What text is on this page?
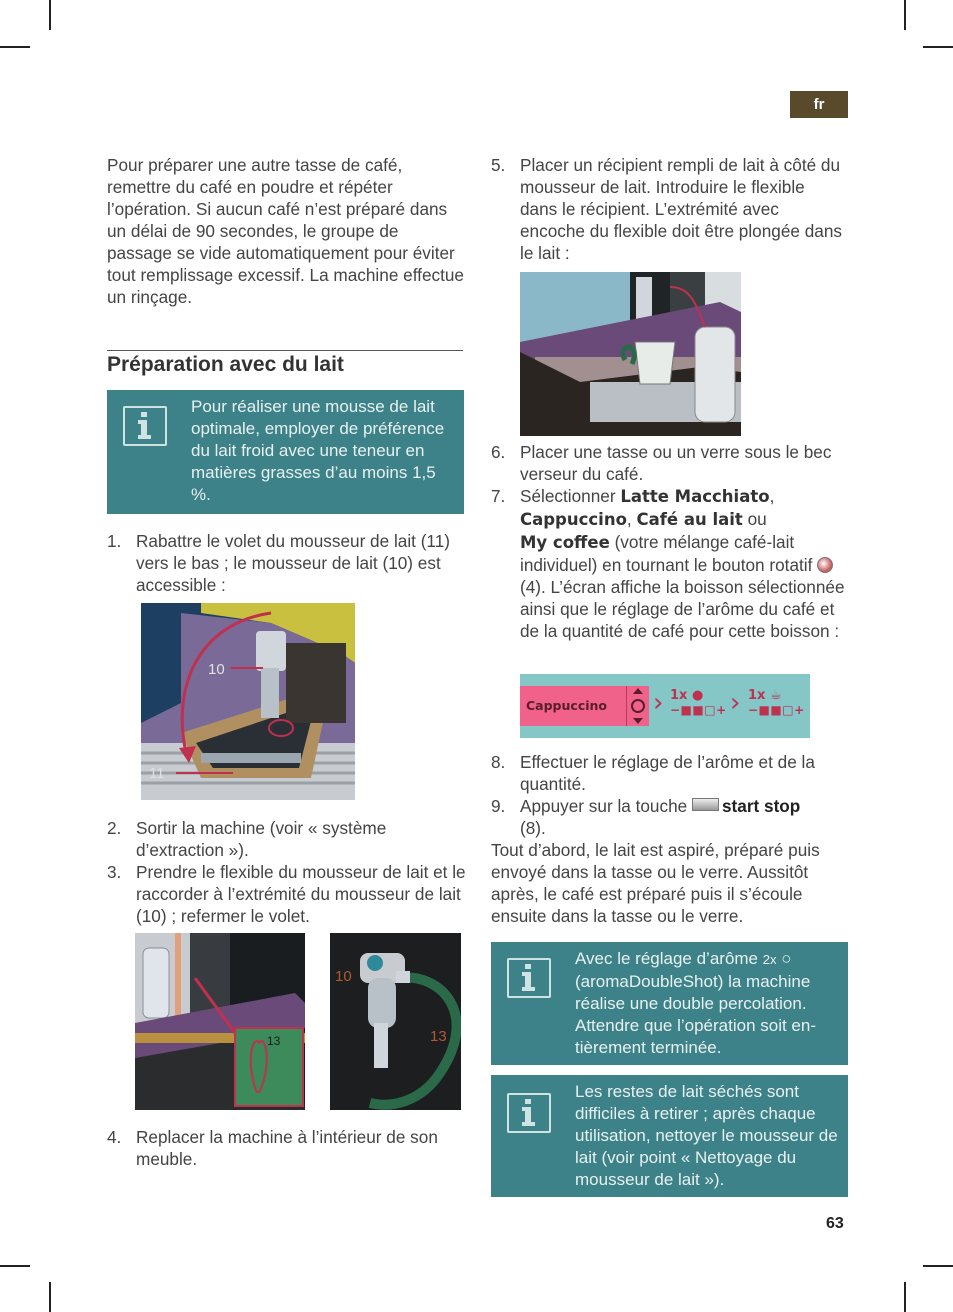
fr

Pour préparer une autre tasse de café, remettre du café en poudre et répéter l’opération. Si aucun café n’est préparé dans un délai de 90 secondes, le groupe de passage se vide automatiquement pour éviter tout remplissage excessif. La machine effectue un rinçage.

Préparation avec du lait
Pour réaliser une mousse de lait optimale, employer de préférence du lait froid avec une teneur en matières grasses d’au moins 1,5 %.
1. Rabattre le volet du mousseur de lait (11) vers le bas ; le mousseur de lait (10) est accessible :
10
11
2. Sortir la machine (voir « système d’extraction »).
3. Prendre le flexible du mousseur de lait et le raccorder à l’extrémité du mousseur de lait (10) ; refermer le volet.
13
10
13
4. Replacer la machine à l’intérieur de son meuble.
5. Placer un récipient rempli de lait à côté du mousseur de lait. Introduire le flexible dans le récipient. L’extrémité avec encoche du flexible doit être plongée dans le lait :
6. Placer une tasse ou un verre sous le bec verseur du café.
7. Sélectionner Latte Macchiato,
Cappuccino, Café au lait ou
My coffee (votre mélange café-lait individuel) en tournant le bouton rotatif  (4). L’écran affiche la boisson sélectionnée ainsi que le réglage de l’arôme du café et de la quantité de café pour cette boisson :
Cappuccino	› 1x ●
−■■□+ › 1x ☕
−■■□+
8. Effectuer le réglage de l’arôme et de la quantité.
9. Appuyer sur la touche start stop
(8).

Tout d’abord, le lait est aspiré, préparé puis envoyé dans la tasse ou le verre. Aussitôt après, le café est préparé puis il s’écoule ensuite dans la tasse ou le verre.

Avec le réglage d’arôme 2x ○ (aromaDoubleShot) la machine réalise une double percolation. Attendre que l’opération soit entièrement terminée.
Les restes de lait séchés sont difficiles à retirer ; après chaque utilisation, nettoyer le mousseur de lait (voir point « Nettoyage du mousseur de lait »).
63
